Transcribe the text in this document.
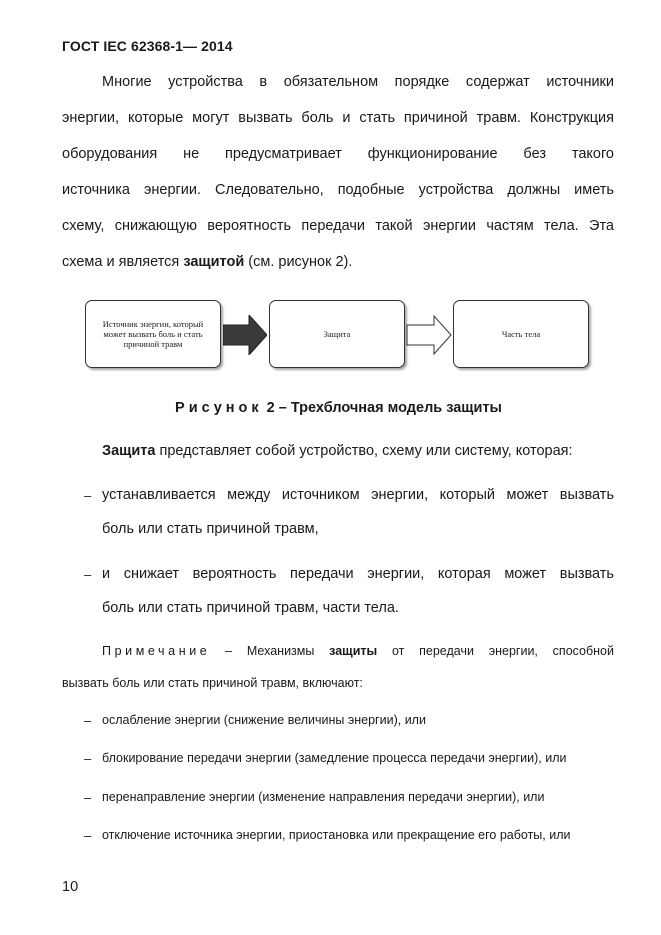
ГОСТ IEC 62368-1— 2014
Многие устройства в обязательном порядке содержат источники
энергии, которые могут вызвать боль и стать причиной травм. Конструкция
оборудования не предусматривает функционирование без такого
источника энергии. Следовательно, подобные устройства должны иметь
схему, снижающую вероятность передачи такой энергии частям тела. Эта
схема и является защитой (см. рисунок 2).
Источник энергии, который может вызвать боль и стать причиной травм
Защита	Часть тела
Рисунок 2 – Трехблочная модель защиты
Защита представляет собой устройство, схему или систему, которая:
– устанавливается между источником энергии, который может вызвать
боль или стать причиной травм,
– и снижает вероятность передачи энергии, которая может вызвать
боль или стать причиной травм, части тела.
Примечание – Механизмы защиты от передачи энергии, способной
вызвать боль или стать причиной травм, включают:
– ослабление энергии (снижение величины энергии), или
– блокирование передачи энергии (замедление процесса передачи энергии), или
– перенаправление энергии (изменение направления передачи энергии), или
– отключение источника энергии, приостановка или прекращение его работы, или
10
